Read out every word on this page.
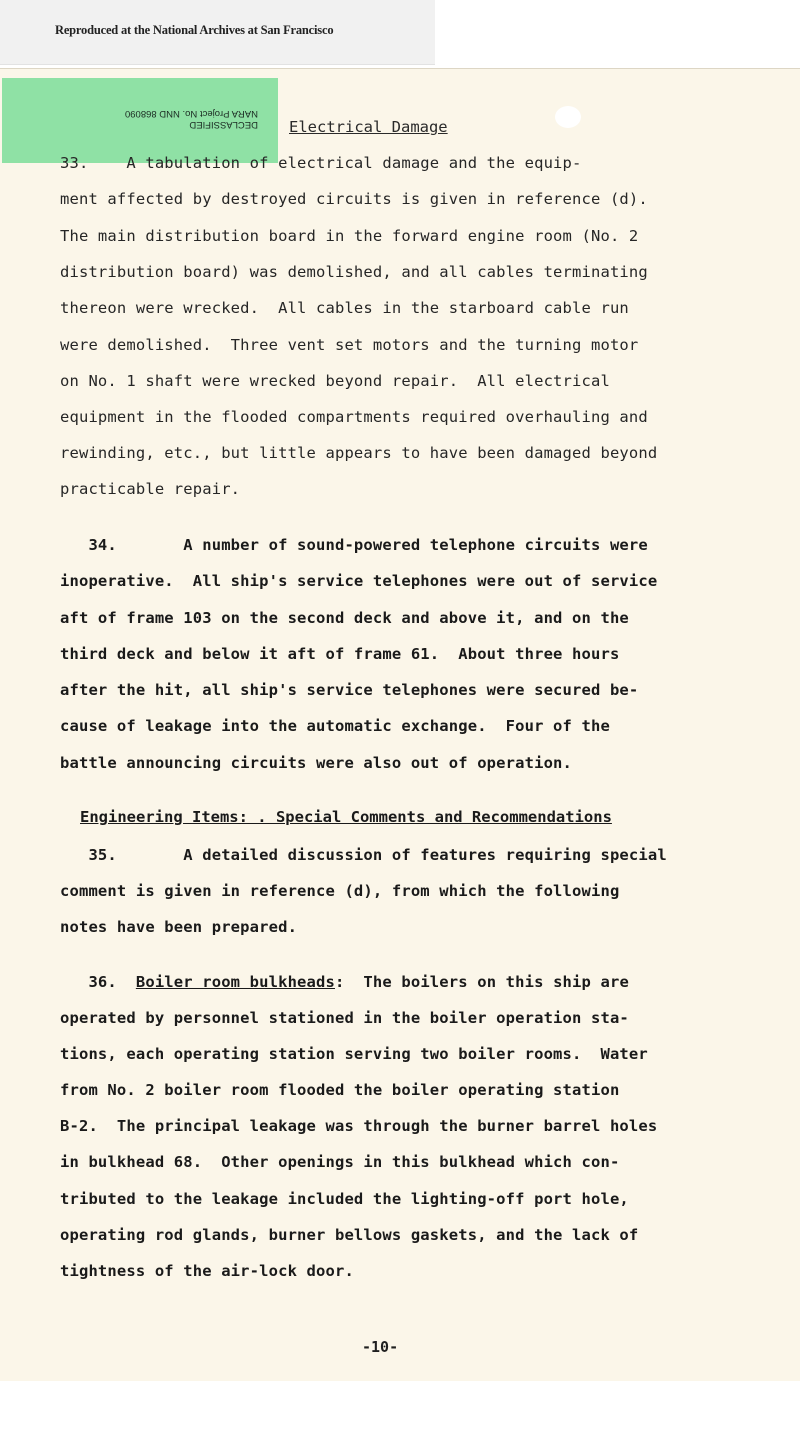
Reproduced at the National Archives at San Francisco
DECLASSIFIED
NARA Project No. NND 868090
Electrical Damage
33.    A tabulation of electrical damage and the equip-
ment affected by destroyed circuits is given in reference (d).
The main distribution board in the forward engine room (No. 2
distribution board) was demolished, and all cables terminating
thereon were wrecked.  All cables in the starboard cable run
were demolished.  Three vent set motors and the turning motor
on No. 1 shaft were wrecked beyond repair.  All electrical
equipment in the flooded compartments required overhauling and
rewinding, etc., but little appears to have been damaged beyond
practicable repair.
34.       A number of sound-powered telephone circuits were
inoperative.  All ship's service telephones were out of service
aft of frame 103 on the second deck and above it, and on the
third deck and below it aft of frame 61.  About three hours
after the hit, all ship's service telephones were secured be-
cause of leakage into the automatic exchange.  Four of the
battle announcing circuits were also out of operation.
Engineering Items: . Special Comments and Recommendations
35.       A detailed discussion of features requiring special
comment is given in reference (d), from which the following
notes have been prepared.
36.  Boiler room bulkheads:  The boilers on this ship are
operated by personnel stationed in the boiler operation sta-
tions, each operating station serving two boiler rooms.  Water
from No. 2 boiler room flooded the boiler operating station
B-2.  The principal leakage was through the burner barrel holes
in bulkhead 68.  Other openings in this bulkhead which con-
tributed to the leakage included the lighting-off port hole,
operating rod glands, burner bellows gaskets, and the lack of
tightness of the air-lock door.
-10-
